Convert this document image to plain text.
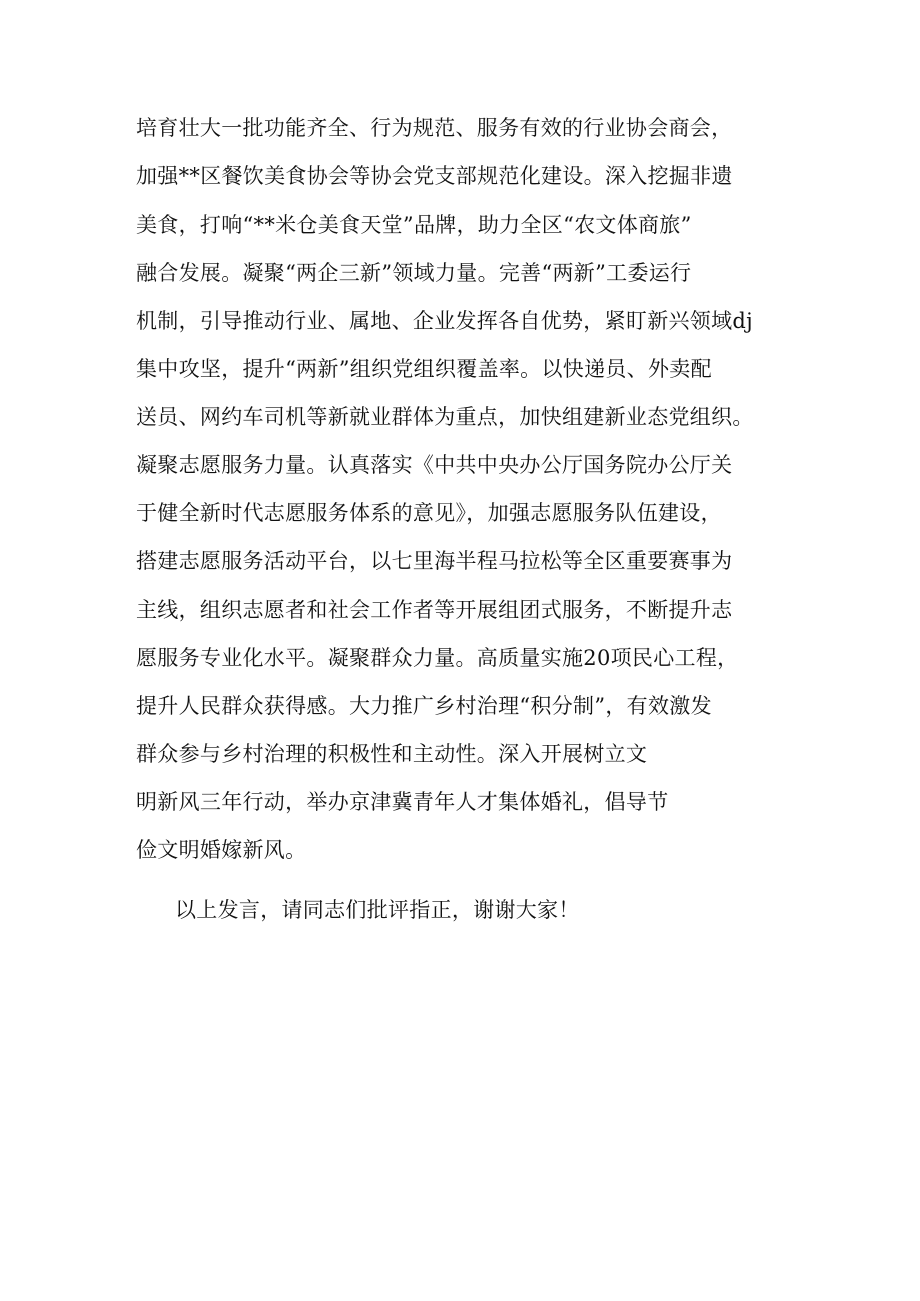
培育壮大一批功能齐全、行为规范、服务有效的行业协会商会，
加强**区餐饮美食协会等协会党支部规范化建设。深入挖掘非遗
美食，打响“**米仓美食天堂”品牌，助力全区“农文体商旅”
融合发展。凝聚“两企三新”领域力量。完善“两新”工委运行
机制，引导推动行业、属地、企业发挥各自优势，紧盯新兴领域dj
集中攻坚，提升“两新”组织党组织覆盖率。以快递员、外卖配
送员、网约车司机等新就业群体为重点，加快组建新业态党组织。
凝聚志愿服务力量。认真落实《中共中央办公厅国务院办公厅关
于健全新时代志愿服务体系的意见》，加强志愿服务队伍建设，
搭建志愿服务活动平台，以七里海半程马拉松等全区重要赛事为
主线，组织志愿者和社会工作者等开展组团式服务，不断提升志
愿服务专业化水平。凝聚群众力量。高质量实施20项民心工程，
提升人民群众获得感。大力推广乡村治理“积分制”，有效激发
群众参与乡村治理的积极性和主动性。深入开展树立文
明新风三年行动，举办京津冀青年人才集体婚礼，倡导节
俭文明婚嫁新风。
以上发言，请同志们批评指正，谢谢大家！
